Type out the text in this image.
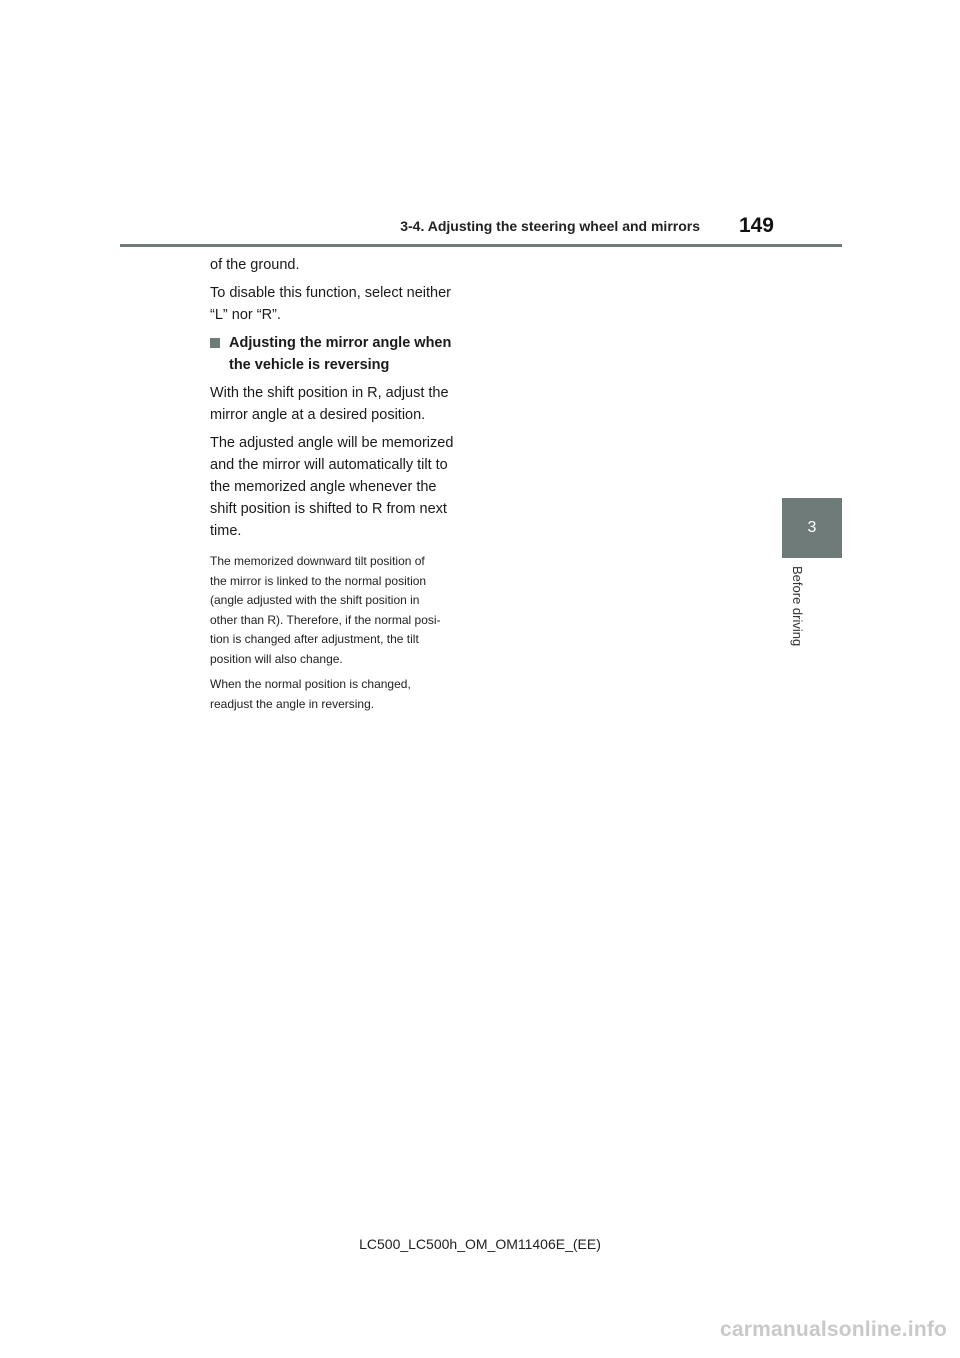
3-4. Adjusting the steering wheel and mirrors 149
3
Before driving

of the ground.

To disable this function, select neither
“L” nor “R”.

Adjusting the mirror angle when
the vehicle is reversing

With the shift position in R, adjust the
mirror angle at a desired position.

The adjusted angle will be memorized
and the mirror will automatically tilt to
the memorized angle whenever the
shift position is shifted to R from next
time.

The memorized downward tilt position of
the mirror is linked to the normal position
(angle adjusted with the shift position in
other than R). Therefore, if the normal posi-
tion is changed after adjustment, the tilt
position will also change.

When the normal position is changed,
readjust the angle in reversing.

LC500_LC500h_OM_OM11406E_(EE)
carmanualsonline.info
